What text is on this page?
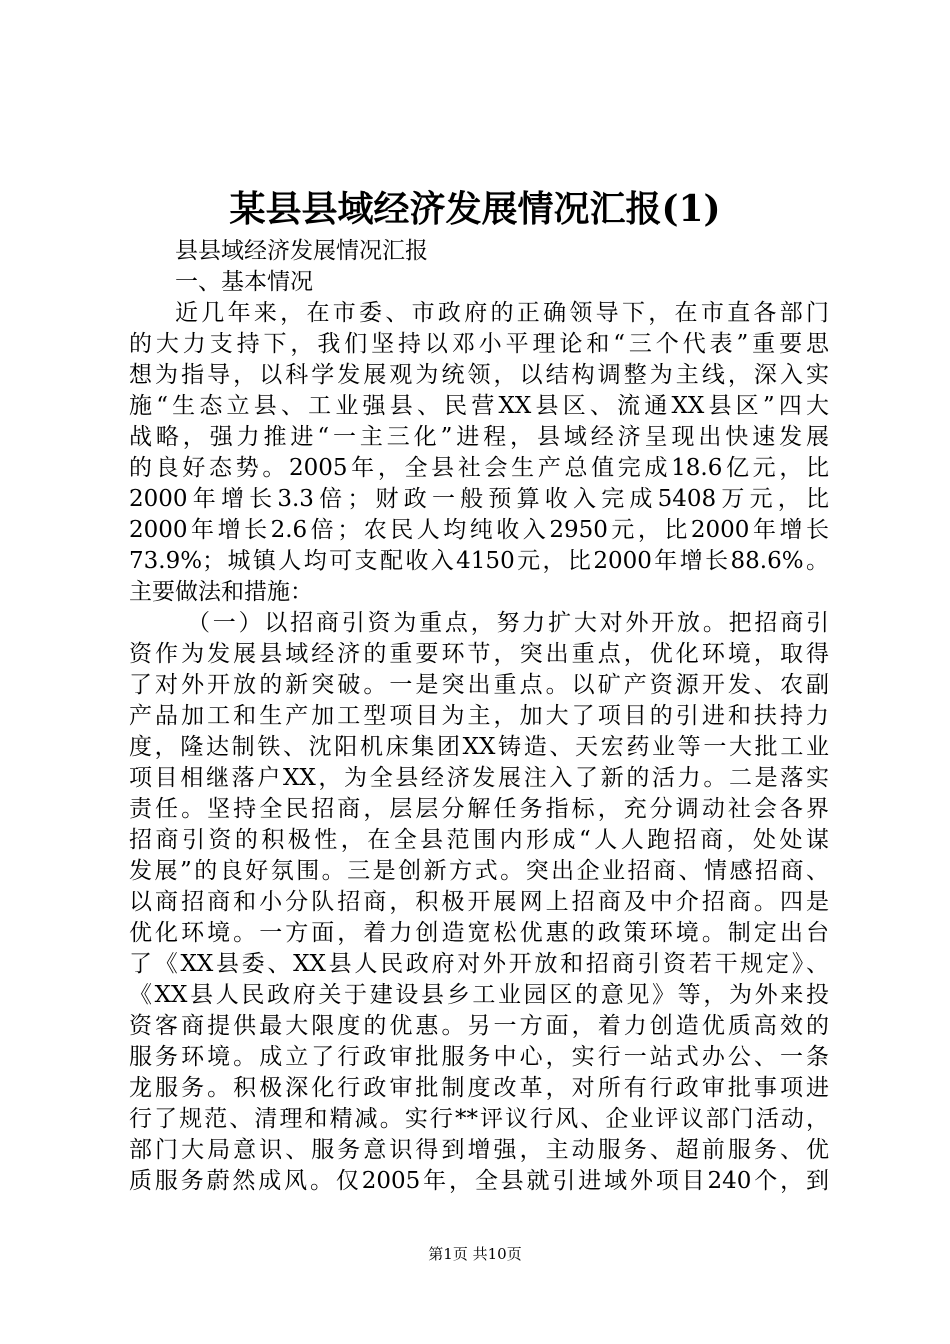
某县县域经济发展情况汇报(1)
县县域经济发展情况汇报
一、基本情况
近几年来，在市委、市政府的正确领导下，在市直各部门
的大力支持下，我们坚持以邓小平理论和“三个代表”重要思
想为指导，以科学发展观为统领，以结构调整为主线，深入实
施“生态立县、工业强县、民营XX县区、流通XX县区”四大
战略，强力推进“一主三化”进程，县域经济呈现出快速发展
的良好态势。2005年，全县社会生产总值完成18.6亿元，比
2000年增长3.3倍；财政一般预算收入完成5408万元，比
2000年增长2.6倍；农民人均纯收入2950元，比2000年增长
73.9%；城镇人均可支配收入4150元，比2000年增长88.6%。
主要做法和措施：
（一）以招商引资为重点，努力扩大对外开放。把招商引
资作为发展县域经济的重要环节，突出重点，优化环境，取得
了对外开放的新突破。一是突出重点。以矿产资源开发、农副
产品加工和生产加工型项目为主，加大了项目的引进和扶持力
度，隆达制铁、沈阳机床集团XX铸造、天宏药业等一大批工业
项目相继落户XX，为全县经济发展注入了新的活力。二是落实
责任。坚持全民招商，层层分解任务指标，充分调动社会各界
招商引资的积极性，在全县范围内形成“人人跑招商，处处谋
发展”的良好氛围。三是创新方式。突出企业招商、情感招商、
以商招商和小分队招商，积极开展网上招商及中介招商。四是
优化环境。一方面，着力创造宽松优惠的政策环境。制定出台
了《XX县委、XX县人民政府对外开放和招商引资若干规定》、
《XX县人民政府关于建设县乡工业园区的意见》等，为外来投
资客商提供最大限度的优惠。另一方面，着力创造优质高效的
服务环境。成立了行政审批服务中心，实行一站式办公、一条
龙服务。积极深化行政审批制度改革，对所有行政审批事项进
行了规范、清理和精减。实行**评议行风、企业评议部门活动，
部门大局意识、服务意识得到增强，主动服务、超前服务、优
质服务蔚然成风。仅2005年，全县就引进域外项目240个，到
第1页 共10页
